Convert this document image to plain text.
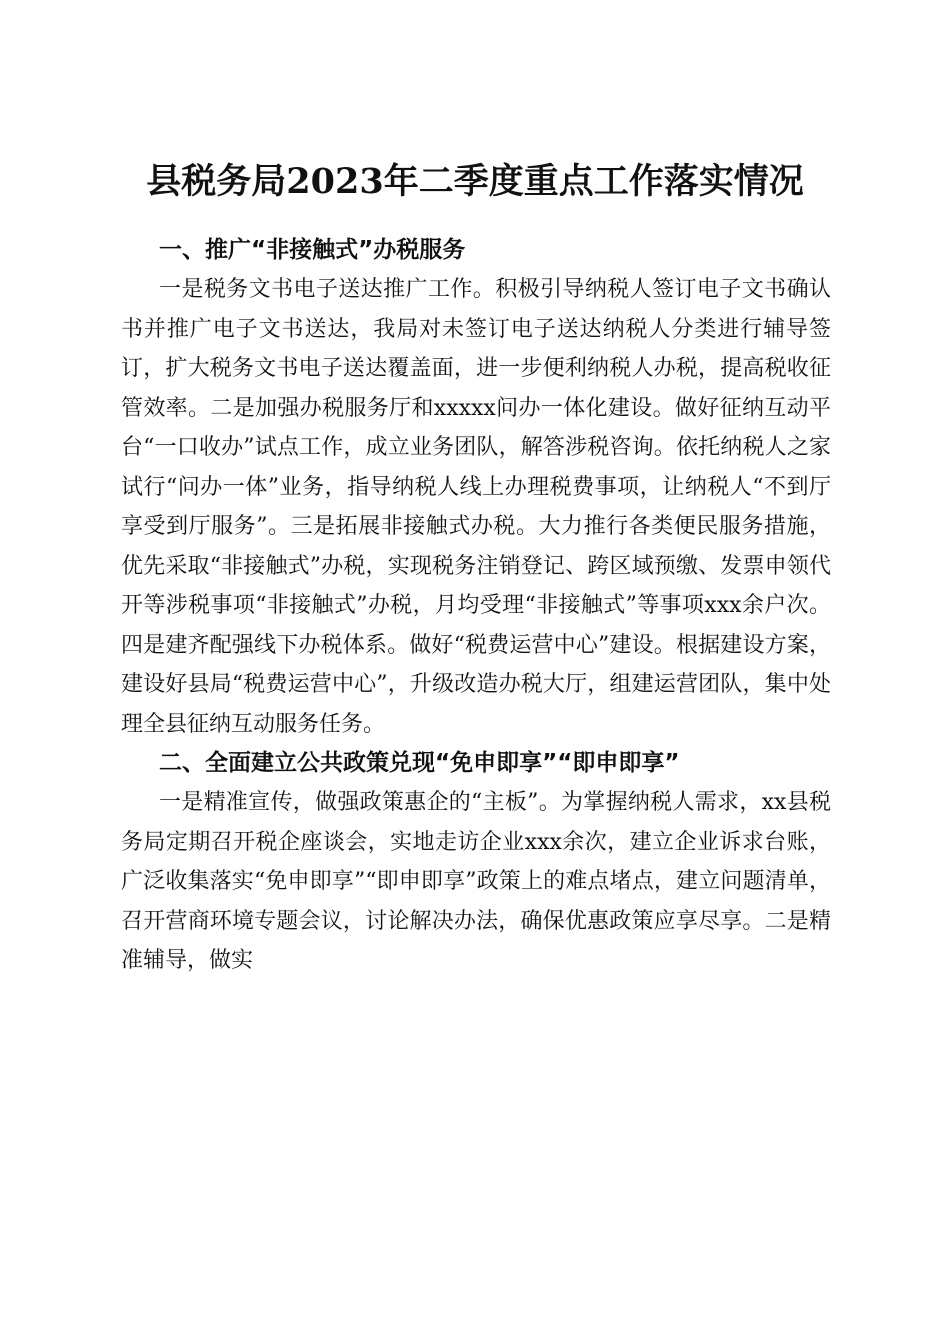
县税务局2023年二季度重点工作落实情况

一、推广“非接触式”办税服务

一是税务文书电子送达推广工作。积极引导纳税人签订电子文书确认书并推广电子文书送达，我局对未签订电子送达纳税人分类进行辅导签订，扩大税务文书电子送达覆盖面，进一步便利纳税人办税，提高税收征管效率。二是加强办税服务厅和xxxxx问办一体化建设。做好征纳互动平台“一口收办”试点工作，成立业务团队，解答涉税咨询。依托纳税人之家试行“问办一体”业务，指导纳税人线上办理税费事项，让纳税人“不到厅享受到厅服务”。三是拓展非接触式办税。大力推行各类便民服务措施，优先采取“非接触式”办税，实现税务注销登记、跨区域预缴、发票申领代开等涉税事项“非接触式”办税，月均受理“非接触式”等事项xxx余户次。四是建齐配强线下办税体系。做好“税费运营中心”建设。根据建设方案，建设好县局“税费运营中心”，升级改造办税大厅，组建运营团队，集中处理全县征纳互动服务任务。

二、全面建立公共政策兑现“免申即享”“即申即享”

一是精准宣传，做强政策惠企的“主板”。为掌握纳税人需求，xx县税务局定期召开税企座谈会，实地走访企业xxx余次，建立企业诉求台账，广泛收集落实“免申即享”“即申即享”政策上的难点堵点，建立问题清单，召开营商环境专题会议，讨论解决办法，确保优惠政策应享尽享。二是精准辅导，做实
